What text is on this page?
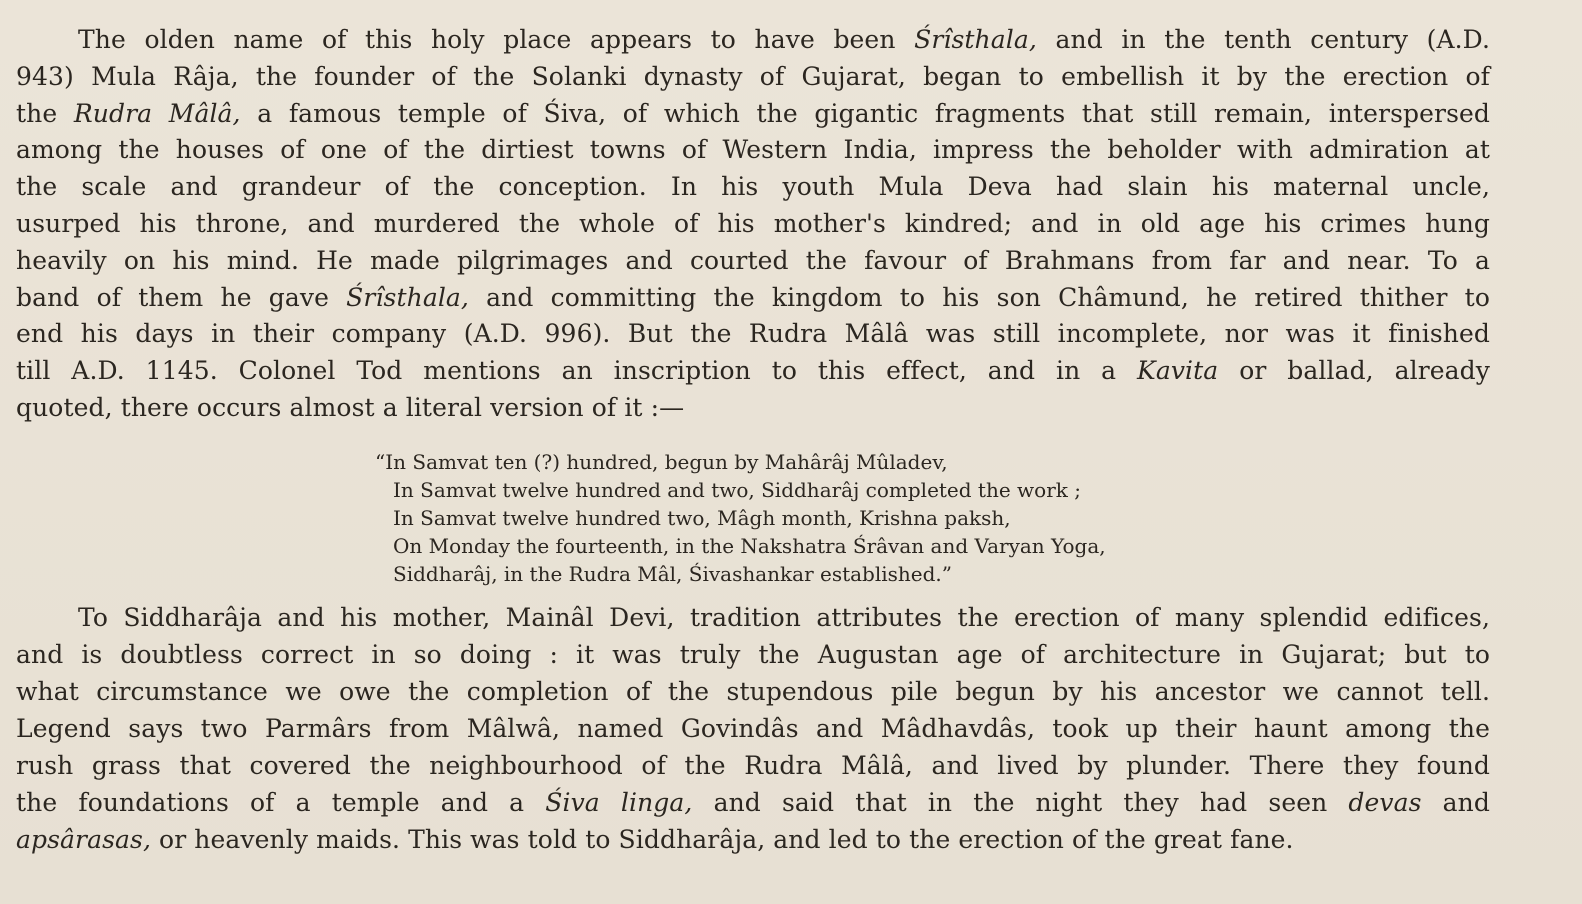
The olden name of this holy place appears to have been Śrîsthala, and in the tenth century (A.D.
943) Mula Râja, the founder of the Solanki dynasty of Gujarat, began to embellish it by the erection of
the Rudra Mâlâ, a famous temple of Śiva, of which the gigantic fragments that still remain, interspersed
among the houses of one of the dirtiest towns of Western India, impress the beholder with admiration at
the scale and grandeur of the conception. In his youth Mula Deva had slain his maternal uncle,
usurped his throne, and murdered the whole of his mother's kindred; and in old age his crimes hung
heavily on his mind. He made pilgrimages and courted the favour of Brahmans from far and near. To a
band of them he gave Śrîsthala, and committing the kingdom to his son Châmund, he retired thither to
end his days in their company (A.D. 996). But the Rudra Mâlâ was still incomplete, nor was it finished
till A.D. 1145. Colonel Tod mentions an inscription to this effect, and in a Kavita or ballad, already
quoted, there occurs almost a literal version of it :—
“In Samvat ten (?) hundred, begun by Mahârâj Mûladev,
In Samvat twelve hundred and two, Siddharâj completed the work ;
In Samvat twelve hundred two, Mâgh month, Krishna paksh,
On Monday the fourteenth, in the Nakshatra Śrâvan and Varyan Yoga,
Siddharâj, in the Rudra Mâl, Śivashankar established.”
To Siddharâja and his mother, Mainâl Devi, tradition attributes the erection of many splendid edifices,
and is doubtless correct in so doing : it was truly the Augustan age of architecture in Gujarat; but to
what circumstance we owe the completion of the stupendous pile begun by his ancestor we cannot tell.
Legend says two Parmârs from Mâlwâ, named Govindâs and Mâdhavdâs, took up their haunt among the
rush grass that covered the neighbourhood of the Rudra Mâlâ, and lived by plunder. There they found
the foundations of a temple and a Śiva linga, and said that in the night they had seen devas and
apsârasas, or heavenly maids. This was told to Siddharâja, and led to the erection of the great fane.
